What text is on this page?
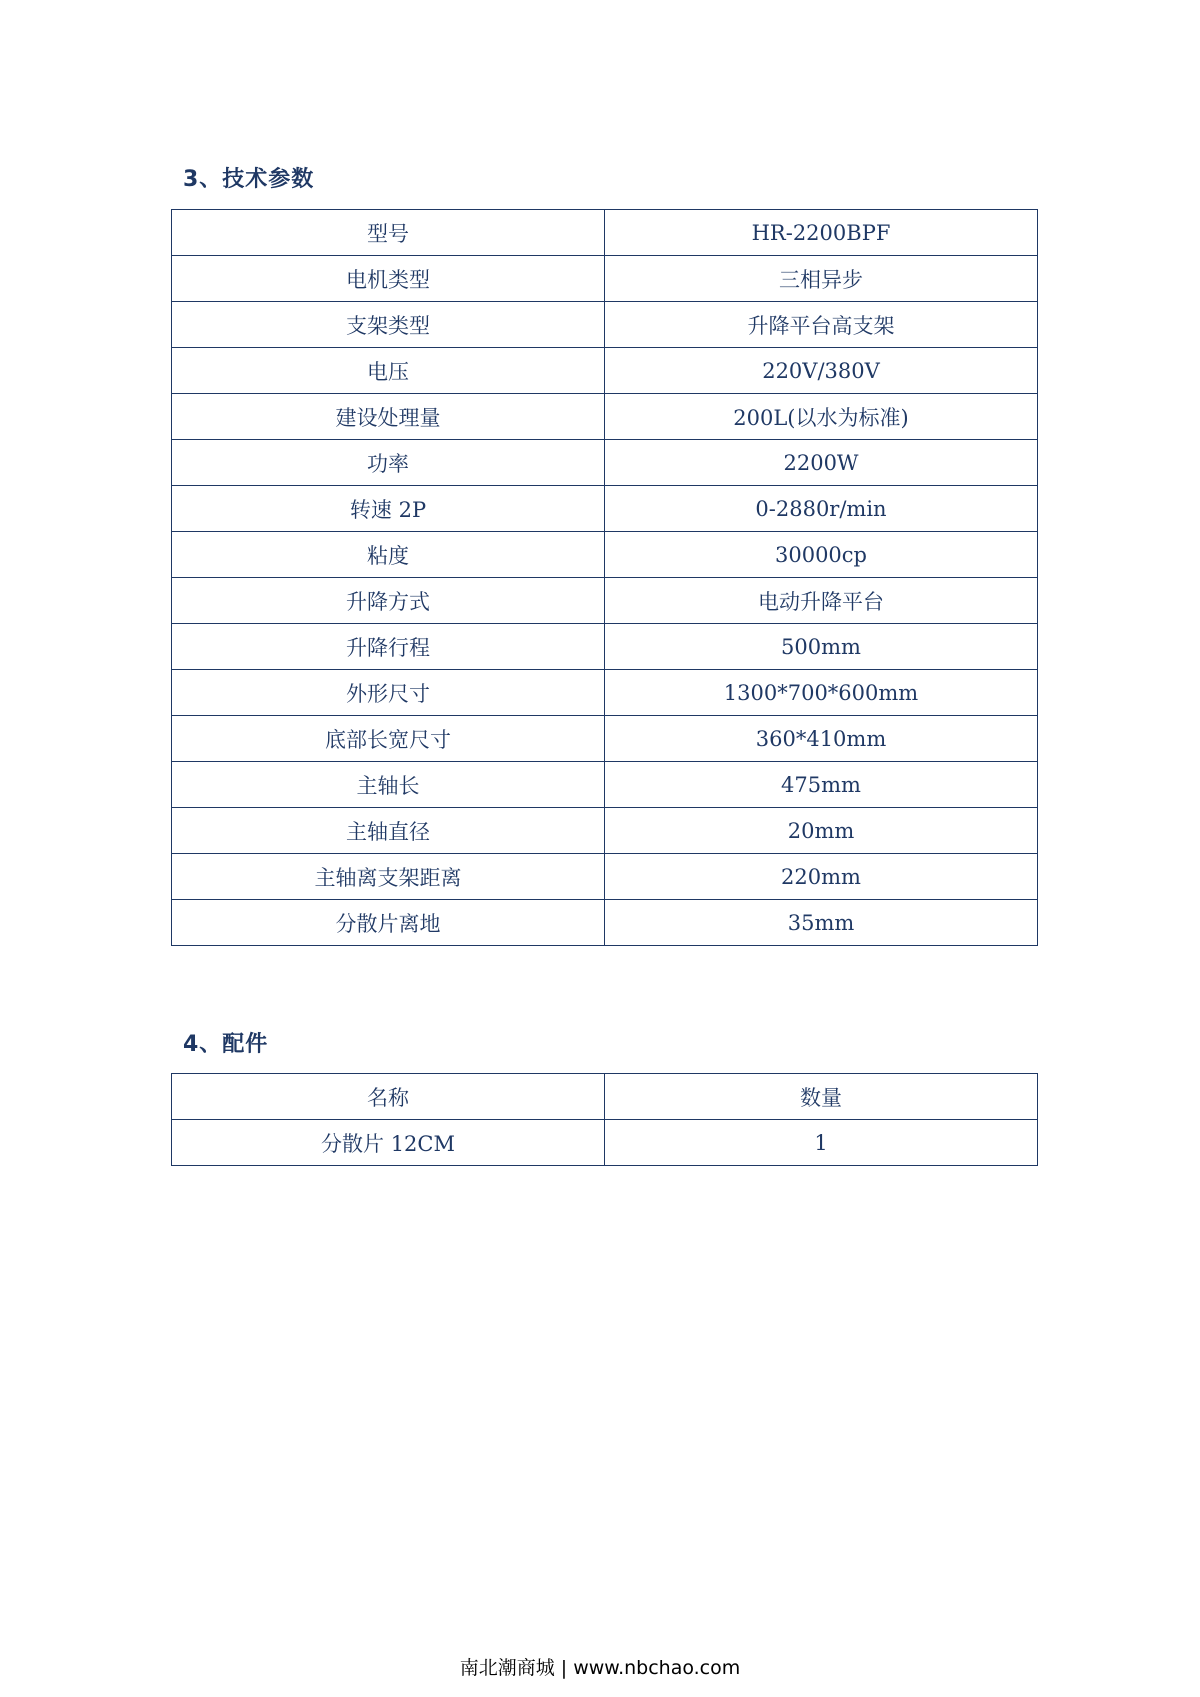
3、技术参数
型号	HR-2200BPF
电机类型	三相异步
支架类型	升降平台高支架
电压	220V/380V
建设处理量	200L(以水为标准)
功率	2200W
转速 2P	0-2880r/min
粘度	30000cp
升降方式	电动升降平台
升降行程	500mm
外形尺寸	1300*700*600mm
底部长宽尺寸	360*410mm
主轴长	475mm
主轴直径	20mm
主轴离支架距离	220mm
分散片离地	35mm
4、配件
名称	数量
分散片 12CM	1
南北潮商城 | www.nbchao.com
